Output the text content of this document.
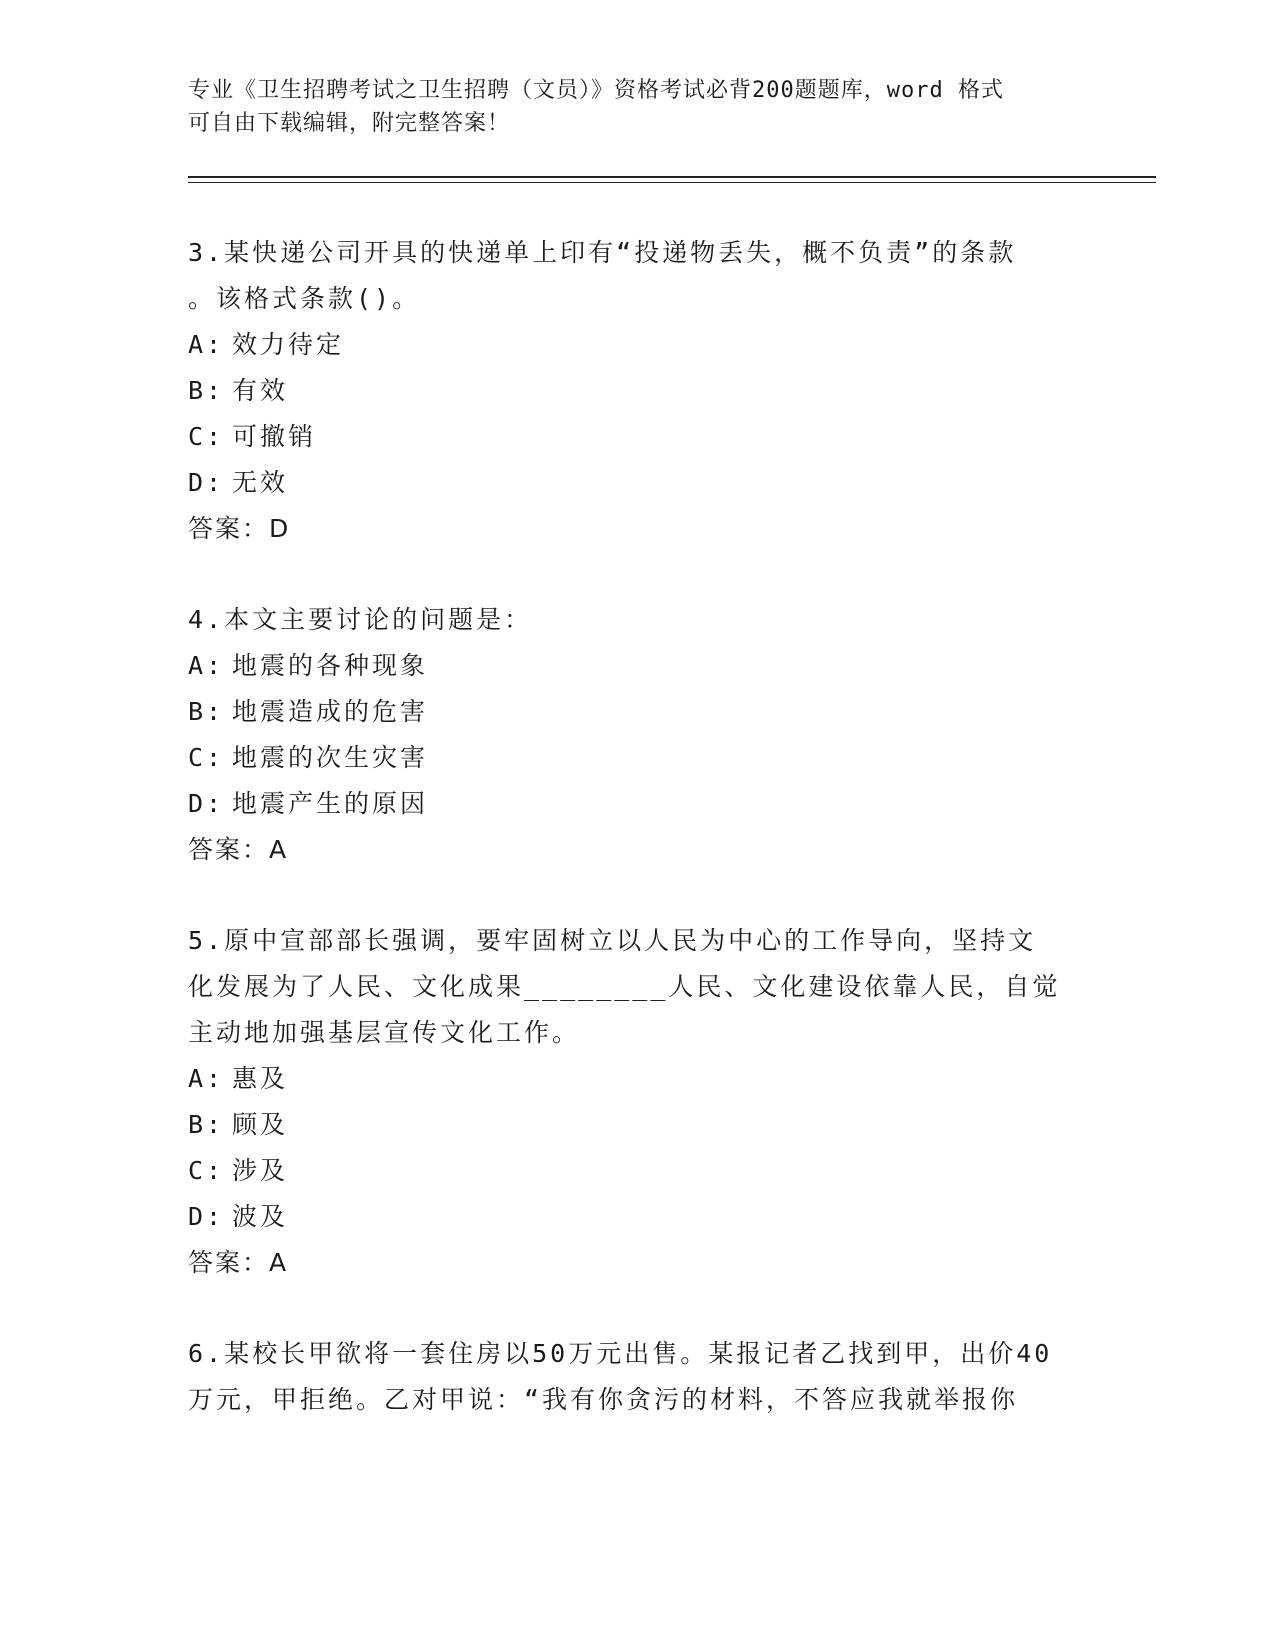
专业《卫生招聘考试之卫生招聘（文员）》资格考试必背200题题库，word 格式
可自由下载编辑，附完整答案！

3.某快递公司开具的快递单上印有“投递物丢失，概不负责”的条款

。该格式条款()。

A: 效力待定

B: 有效

C: 可撤销

D: 无效

答案：D

4.本文主要讨论的问题是：

A: 地震的各种现象

B: 地震造成的危害

C: 地震的次生灾害

D: 地震产生的原因

答案：A

5.原中宣部部长强调，要牢固树立以人民为中心的工作导向，坚持文

化发展为了人民、文化成果________人民、文化建设依靠人民，自觉

主动地加强基层宣传文化工作。

A: 惠及

B: 顾及

C: 涉及

D: 波及

答案：A

6.某校长甲欲将一套住房以50万元出售。某报记者乙找到甲，出价40

万元，甲拒绝。乙对甲说：“我有你贪污的材料，不答应我就举报你
